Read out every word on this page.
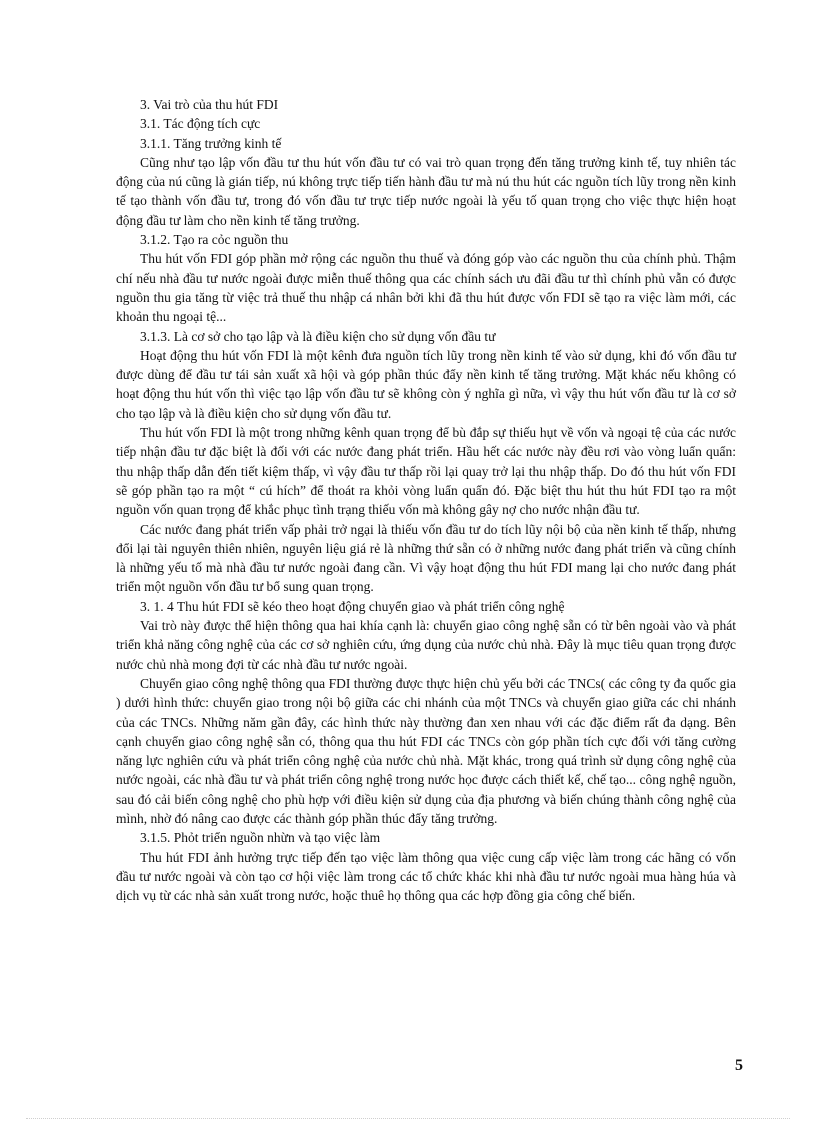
3. Vai trò của thu hút FDI

3.1. Tác động tích cực

3.1.1. Tăng trưởng kinh tế

Cũng như tạo lập vốn đầu tư thu hút vốn đầu tư có vai trò quan trọng đến tăng trưởng kinh tế, tuy nhiên tác động của nú cũng là gián tiếp, nú không trực tiếp tiến hành đầu tư mà nú thu hút các nguồn tích lũy trong nền kinh tế tạo thành vốn đầu tư, trong đó vốn đầu tư trực tiếp nước ngoài là yếu tố quan trọng cho việc thực hiện hoạt động đầu tư làm cho nền kinh tế tăng trưởng.

3.1.2. Tạo ra cỏc nguồn thu

Thu hút vốn FDI góp phần mở rộng các nguồn thu thuế và đóng góp vào các nguồn thu của chính phủ. Thậm chí nếu nhà đầu tư nước ngoài được miễn thuế thông qua các chính sách ưu đãi đầu tư thì chính phủ vẫn có được nguồn thu gia tăng từ việc trả thuế thu nhập cá nhân bởi khi đã thu hút được vốn FDI sẽ tạo ra việc làm mới, các khoản thu ngoại tệ...

3.1.3. Là cơ sở cho tạo lập và là điều kiện cho sử dụng vốn đầu tư

Hoạt động thu hút vốn FDI là một kênh đưa nguồn tích lũy trong nền kinh tế vào sử dụng, khi đó vốn đầu tư được dùng để đầu tư tái sản xuất xã hội và góp phần thúc đẩy nền kinh tế tăng trưởng. Mặt khác nếu không có hoạt động thu hút vốn thì việc tạo lập vốn đầu tư sẽ không còn ý nghĩa gì nữa, vì vậy thu hút vốn đầu tư là cơ sở cho tạo lập và là điều kiện cho sử dụng vốn đầu tư.

Thu hút vốn FDI là một trong những kênh quan trọng để bù đắp sự thiếu hụt về vốn và ngoại tệ của các nước tiếp nhận đầu tư đặc biệt là đối với các nước đang phát triển. Hầu hết các nước này đều rơi vào vòng luẩn quẩn: thu nhập thấp dẫn đến tiết kiệm thấp, vì vậy đầu tư thấp rồi lại quay trở lại thu nhập thấp. Do đó thu hút vốn FDI sẽ góp phần tạo ra một “ cú hích” để thoát ra khỏi vòng luẩn quẩn đó. Đặc biệt thu hút thu hút FDI tạo ra một nguồn vốn quan trọng để khắc phục tình trạng thiếu vốn mà không gây nợ cho nước nhận đầu tư.

Các nước đang phát triển vấp phải trở ngại là thiếu vốn đầu tư do tích lũy nội bộ của nền kinh tế thấp, nhưng đổi lại tài nguyên thiên nhiên, nguyên liệu giá rẻ là những thứ sẵn có ở những nước đang phát triển và cũng chính là những yếu tố mà nhà đầu tư nước ngoài đang cần. Vì vậy hoạt động thu hút FDI mang lại cho nước đang phát triển một nguồn vốn đầu tư bổ sung quan trọng.

3. 1. 4 Thu hút FDI sẽ kéo theo hoạt động chuyển giao và phát triển công nghệ

Vai trò này được thể hiện thông qua hai khía cạnh là: chuyển giao công nghệ sẵn có từ bên ngoài vào và phát triển khả năng công nghệ của các cơ sở nghiên cứu, ứng dụng của nước chủ nhà. Đây là mục tiêu quan trọng được nước chủ nhà mong đợi từ các nhà đầu tư nước ngoài.

Chuyển giao công nghệ thông qua FDI thường được thực hiện chủ yếu bởi các TNCs( các công ty đa quốc gia ) dưới hình thức: chuyển giao trong nội bộ giữa các chi nhánh của một TNCs và chuyển giao giữa các chi nhánh của các TNCs. Những năm gần đây, các hình thức này thường đan xen nhau với các đặc điểm rất đa dạng. Bên cạnh chuyển giao công nghệ sẵn có, thông qua thu hút FDI các TNCs còn góp phần tích cực đối với tăng cường năng lực nghiên cứu và phát triển công nghệ của nước chủ nhà. Mặt khác, trong quá trình sử dụng công nghệ của nước ngoài, các nhà đầu tư và phát triển công nghệ trong nước học được cách thiết kế, chế tạo... công nghệ nguồn, sau đó cải biến công nghệ cho phù hợp với điều kiện sử dụng của địa phương và biến chúng thành công nghệ của mình, nhờ đó nâng cao được các thành góp phần thúc đẩy tăng trưởng.

3.1.5. Phỏt triển nguồn nhừn và tạo việc làm

Thu hút FDI ảnh hưởng trực tiếp đến tạo việc làm thông qua việc cung cấp việc làm trong các hãng có vốn đầu tư nước ngoài và còn tạo cơ hội việc làm trong các tổ chức khác khi nhà đầu tư nước ngoài mua hàng húa và dịch vụ từ các nhà sản xuất trong nước, hoặc thuê họ thông qua các hợp đồng gia công chế biến.

5
